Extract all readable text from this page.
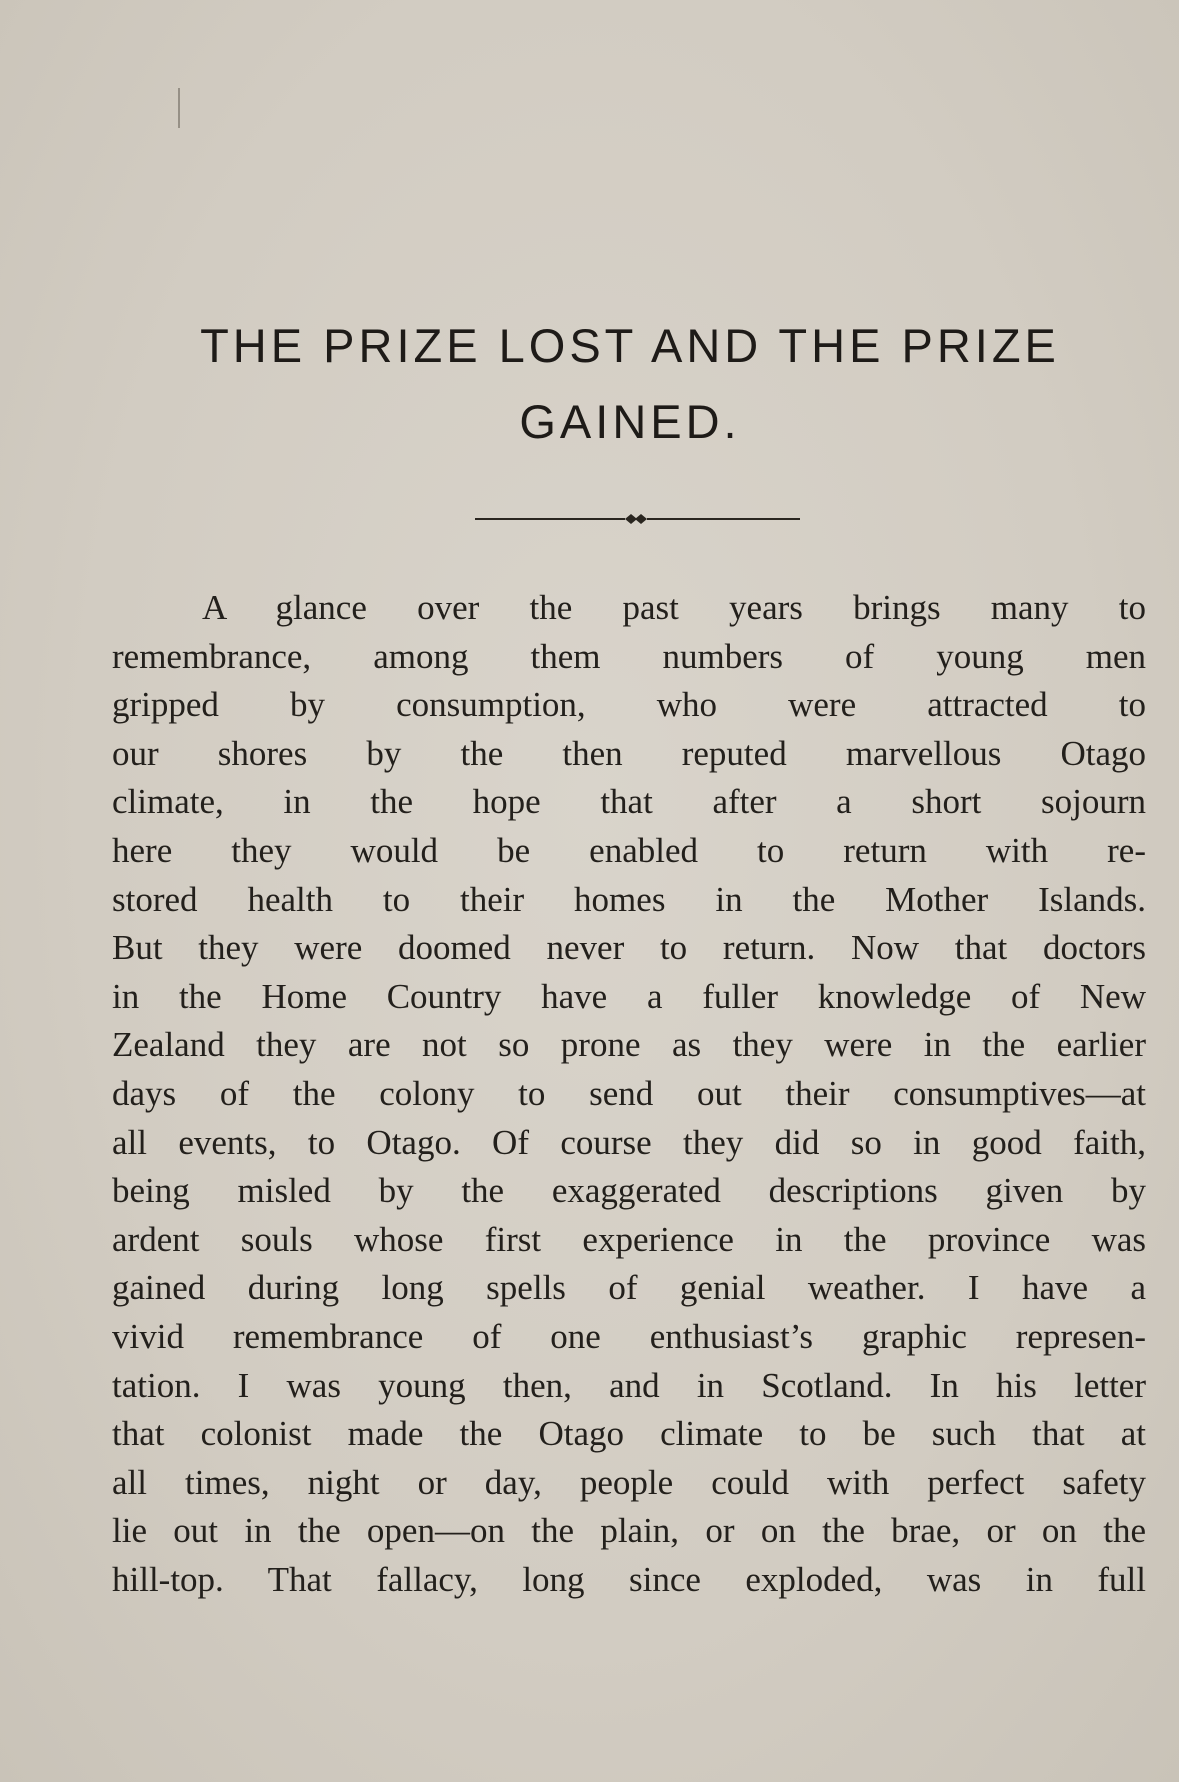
THE PRIZE LOST AND THE PRIZE
GAINED.
A glance over the past years brings many to
remembrance, among them numbers of young men
gripped by consumption, who were attracted to
our shores by the then reputed marvellous Otago
climate, in the hope that after a short sojourn
here they would be enabled to return with re-
stored health to their homes in the Mother Islands.
But they were doomed never to return. Now that doctors
in the Home Country have a fuller knowledge of New
Zealand they are not so prone as they were in the earlier
days of the colony to send out their consumptives—at
all events, to Otago. Of course they did so in good faith,
being misled by the exaggerated descriptions given by
ardent souls whose first experience in the province was
gained during long spells of genial weather. I have a
vivid remembrance of one enthusiast’s graphic represen-
tation. I was young then, and in Scotland. In his letter
that colonist made the Otago climate to be such that at
all times, night or day, people could with perfect safety
lie out in the open—on the plain, or on the brae, or on the
hill-top. That fallacy, long since exploded, was in full
